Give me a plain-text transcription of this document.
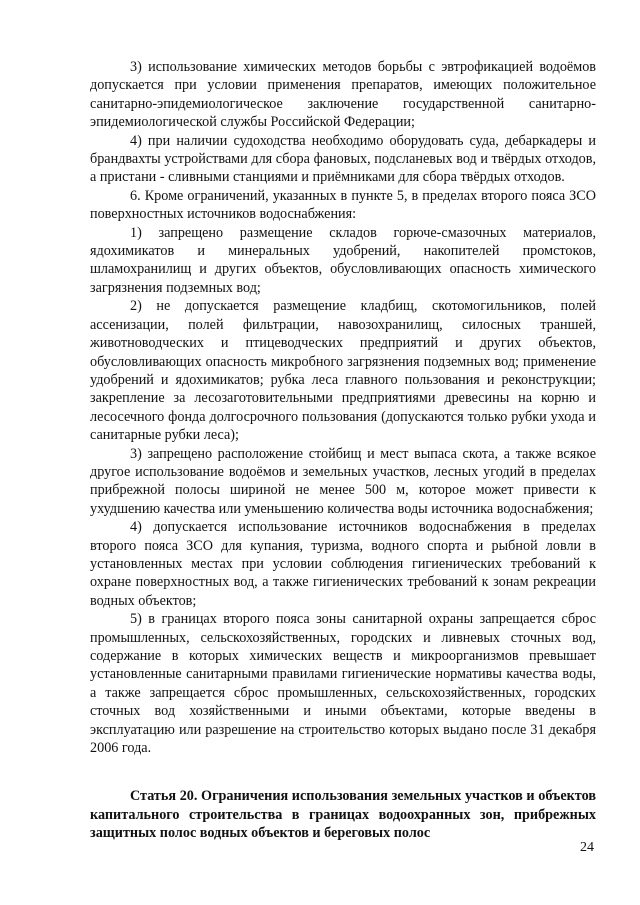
3) использование химических методов борьбы с эвтрофикацией водоёмов допускается при условии применения препаратов, имеющих положительное санитарно-эпидемиологическое заключение государственной санитарно-эпидемиологической службы Российской Федерации;

4) при наличии судоходства необходимо оборудовать суда, дебаркадеры и брандвахты устройствами для сбора фановых, подсланевых вод и твёрдых отходов, а пристани - сливными станциями и приёмниками для сбора твёрдых отходов.

6. Кроме ограничений, указанных в пункте 5, в пределах второго пояса ЗСО поверхностных источников водоснабжения:

1) запрещено размещение складов горюче-смазочных материалов, ядохимикатов и минеральных удобрений, накопителей промстоков, шламохранилищ и других объектов, обусловливающих опасность химического загрязнения подземных вод;

2) не допускается размещение кладбищ, скотомогильников, полей ассенизации, полей фильтрации, навозохранилищ, силосных траншей, животноводческих и птицеводческих предприятий и других объектов, обусловливающих опасность микробного загрязнения подземных вод; применение удобрений и ядохимикатов; рубка леса главного пользования и реконструкции; закрепление за лесозаготовительными предприятиями древесины на корню и лесосечного фонда долгосрочного пользования (допускаются только рубки ухода и санитарные рубки леса);

3) запрещено расположение стойбищ и мест выпаса скота, а также всякое другое использование водоёмов и земельных участков, лесных угодий в пределах прибрежной полосы шириной не менее 500 м, которое может привести к ухудшению качества или уменьшению количества воды источника водоснабжения;

4) допускается использование источников водоснабжения в пределах второго пояса ЗСО для купания, туризма, водного спорта и рыбной ловли в установленных местах при условии соблюдения гигиенических требований к охране поверхностных вод, а также гигиенических требований к зонам рекреации водных объектов;

5) в границах второго пояса зоны санитарной охраны запрещается сброс промышленных, сельскохозяйственных, городских и ливневых сточных вод, содержание в которых химических веществ и микроорганизмов превышает установленные санитарными правилами гигиенические нормативы качества воды, а также запрещается сброс промышленных, сельскохозяйственных, городских сточных вод хозяйственными и иными объектами, которые введены в эксплуатацию или разрешение на строительство которых выдано после 31 декабря 2006 года.

Статья 20. Ограничения использования земельных участков и объектов капитального строительства в границах водоохранных зон, прибрежных защитных полос водных объектов и береговых полос

24
